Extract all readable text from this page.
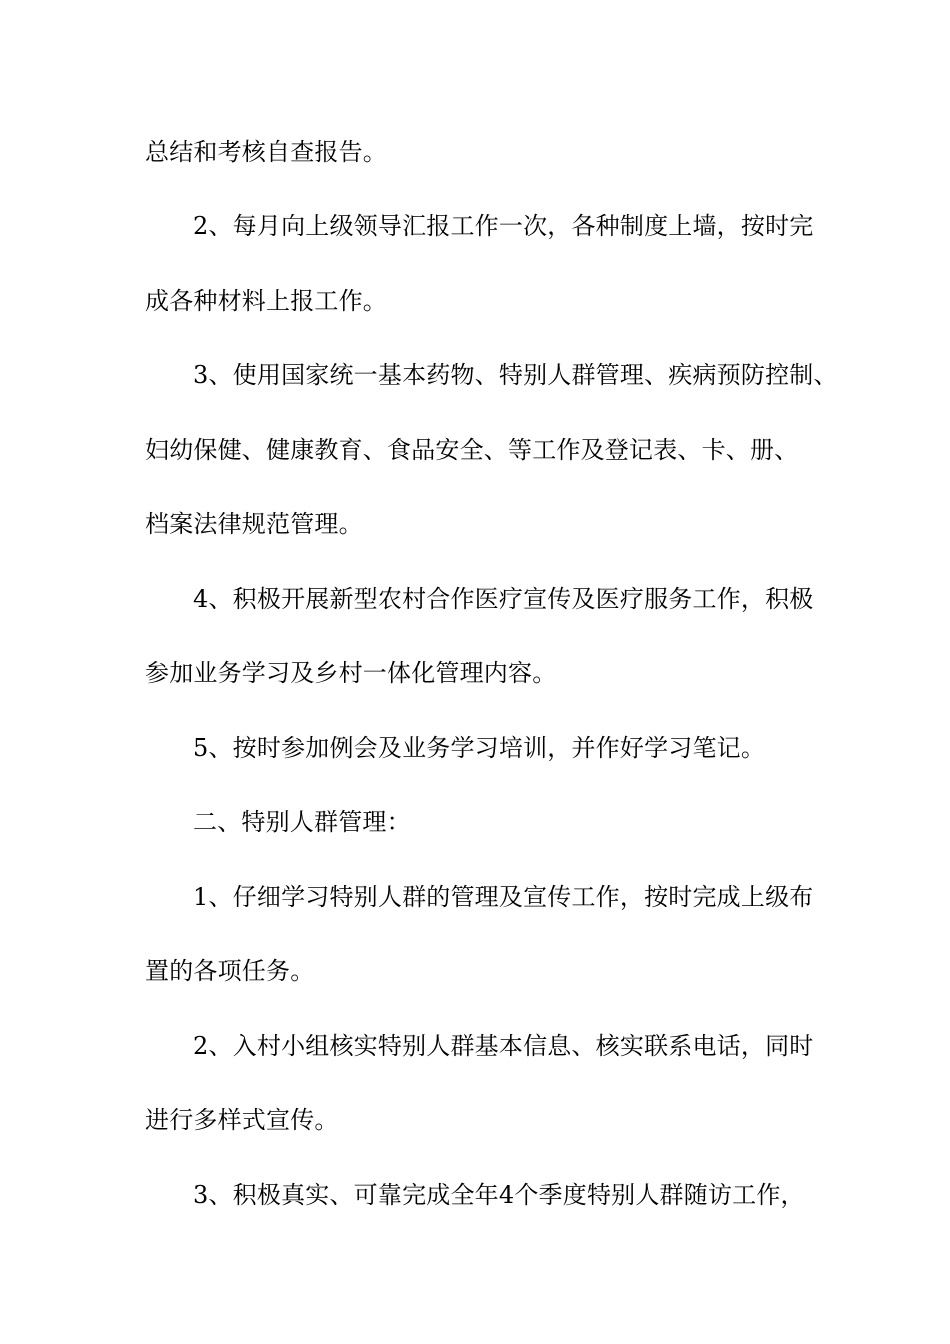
总结和考核自查报告。

2、每月向上级领导汇报工作一次，各种制度上墙，按时完

成各种材料上报工作。

3、使用国家统一基本药物、特别人群管理、疾病预防控制、

妇幼保健、健康教育、食品安全、等工作及登记表、卡、册、

档案法律规范管理。

4、积极开展新型农村合作医疗宣传及医疗服务工作，积极

参加业务学习及乡村一体化管理内容。

5、按时参加例会及业务学习培训，并作好学习笔记。

二、特别人群管理：

1、仔细学习特别人群的管理及宣传工作，按时完成上级布

置的各项任务。

2、入村小组核实特别人群基本信息、核实联系电话，同时

进行多样式宣传。

3、积极真实、可靠完成全年4个季度特别人群随访工作，
